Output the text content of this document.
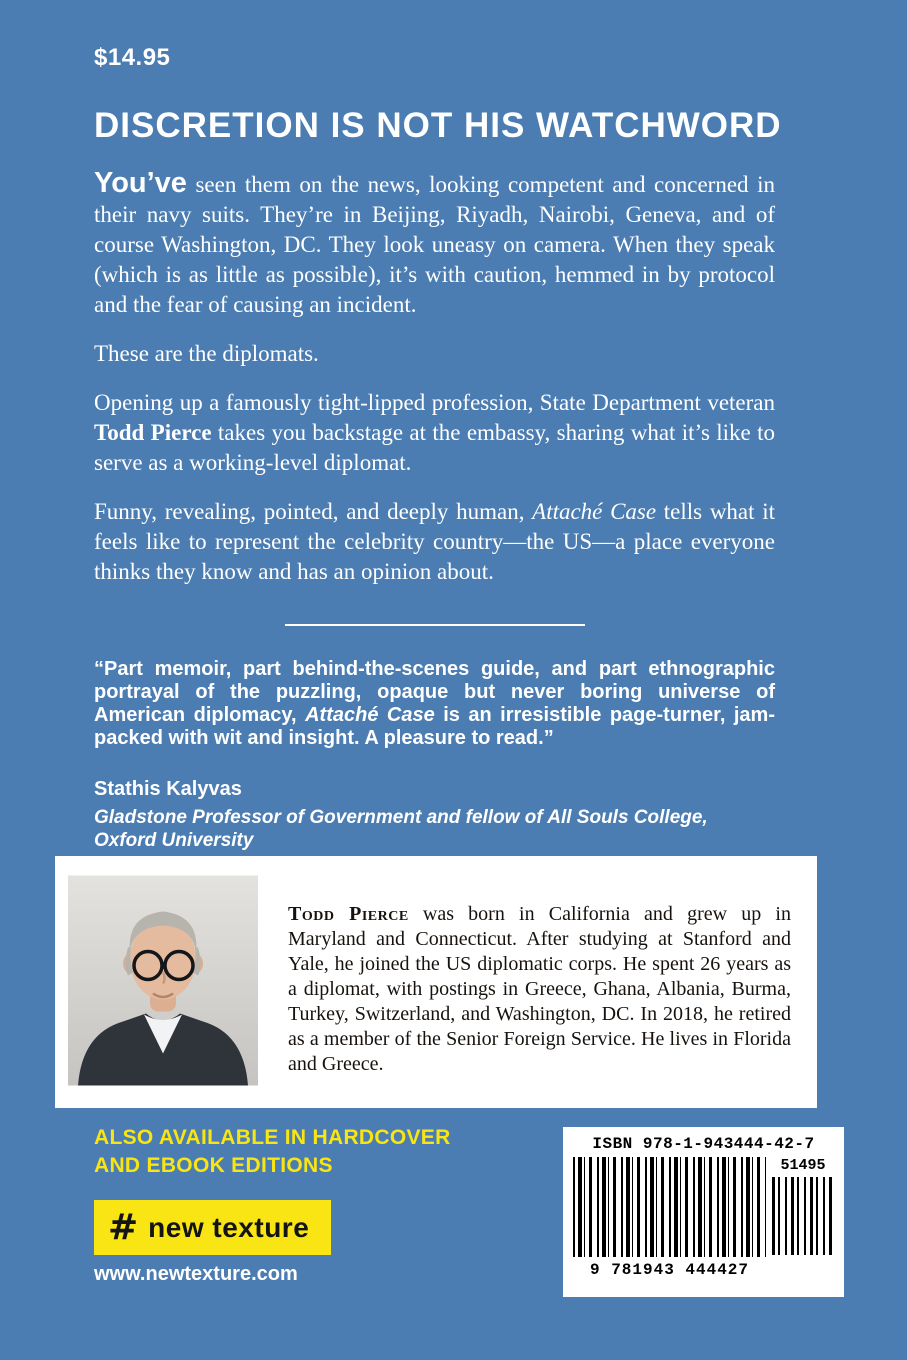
$14.95
DISCRETION IS NOT HIS WATCHWORD

You’ve seen them on the news, looking competent and concerned in their navy suits. They’re in Beijing, Riyadh, Nairobi, Geneva, and of course Washington, DC. They look uneasy on camera. When they speak (which is as little as possible), it’s with caution, hemmed in by protocol and the fear of causing an incident.

These are the diplomats.

Opening up a famously tight-lipped profession, State Department veteran Todd Pierce takes you backstage at the embassy, sharing what it’s like to serve as a working-level diplomat.

Funny, revealing, pointed, and deeply human, Attaché Case tells what it feels like to represent the celebrity country—the US—a place everyone thinks they know and has an opinion about.

“Part memoir, part behind-the-scenes guide, and part ethnographic portrayal of the puzzling, opaque but never boring universe of American diplomacy, Attaché Case is an irresistible page-turner, jam-packed with wit and insight. A pleasure to read.”

Stathis Kalyvas

Gladstone Professor of Government and fellow of All Souls College,
Oxford University

Todd Pierce was born in California and grew up in Maryland and Connecticut. After studying at Stanford and Yale, he joined the US diplomatic corps. He spent 26 years as a diplomat, with postings in Greece, Ghana, Albania, Burma, Turkey, Switzerland, and Washington, DC. In 2018, he retired as a member of the Senior Foreign Service. He lives in Florida and Greece.

ALSO AVAILABLE IN HARDCOVER
AND EBOOK EDITIONS
# new texture
www.newtexture.com
ISBN 978-1-943444-42-7
51495
9 781943 444427
